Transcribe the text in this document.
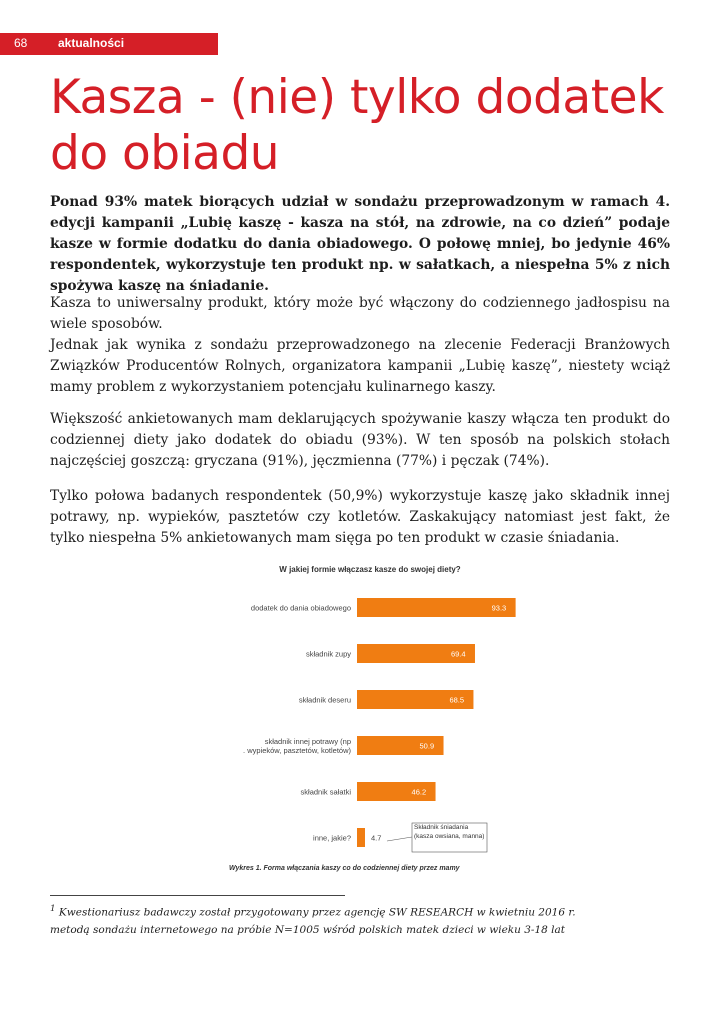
68	aktualności
Kasza - (nie) tylko dodatek do obiadu

Ponad 93% matek biorących udział w sondażu przeprowadzonym w ramach 4. edycji kampanii „Lubię kaszę - kasza na stół, na zdrowie, na co dzień” podaje kasze w formie dodatku do dania obiadowego. O połowę mniej, bo jedynie 46% respondentek, wykorzystuje ten produkt np. w sałatkach, a niespełna 5% z nich spożywa kaszę na śniadanie.

Kasza to uniwersalny produkt, który może być włączony do codziennego jadłospisu na wiele sposobów.
Jednak jak wynika z sondażu przeprowadzonego na zlecenie Federacji Branżowych Związków Producentów Rolnych, organizatora kampanii „Lubię kaszę”, niestety wciąż mamy problem z wykorzystaniem potencjału kulinarnego kaszy.

Większość ankietowanych mam deklarujących spożywanie kaszy włącza ten produkt do codziennej diety jako dodatek do obiadu (93%). W ten sposób na polskich stołach najczęściej goszczą: gryczana (91%), jęczmienna (77%) i pęczak (74%).

Tylko połowa badanych respondentek (50,9%) wykorzystuje kaszę jako składnik innej potrawy, np. wypieków, pasztetów czy kotletów. Zaskakujący natomiast jest fakt, że tylko niespełna 5% ankietowanych mam sięga po ten produkt w czasie śniadania.

W jakiej formie włączasz kasze do swojej diety?
dodatek do dania obiadowego	93.3
składnik zupy	69.4
składnik deseru	68.5
składnik innej potrawy (np . wypieków, pasztetów, kotletów)	50.9
składnik sałatki	46.2
inne, jakie?	4.7
Składnik śniadania (kasza owsiana, manna)
Wykres 1. Forma włączania kaszy co do codziennej diety przez mamy
$^1$ Kwestionariusz badawczy został przygotowany przez agencję SW RESEARCH w kwietniu 2016 r.
metodą sondażu internetowego na próbie N=1005 wśród polskich matek dzieci w wieku 3-18 lat
